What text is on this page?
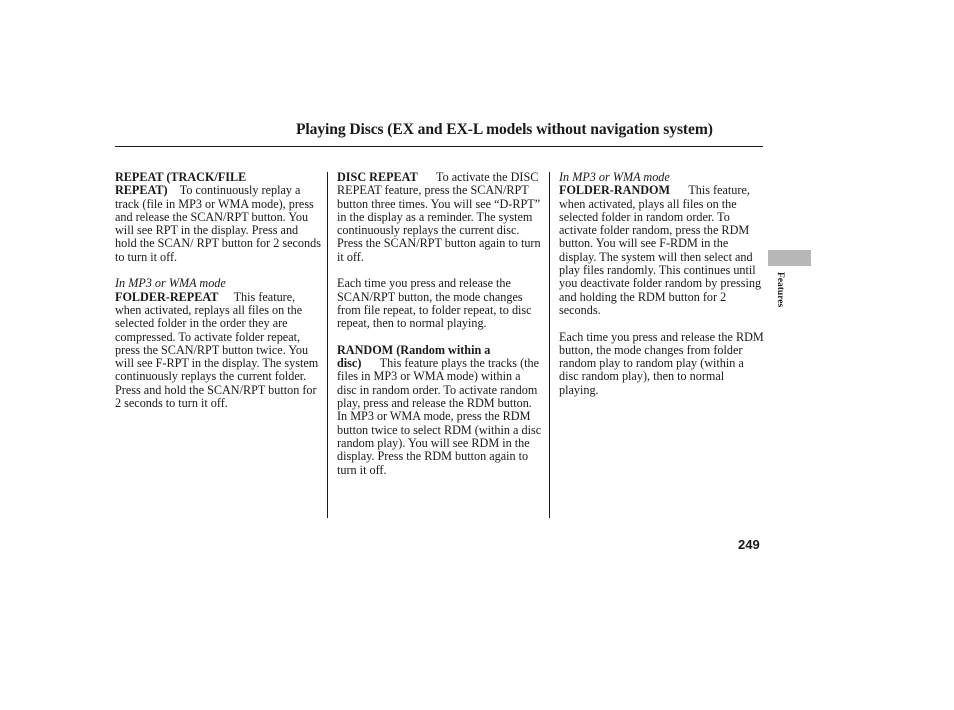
Playing Discs (EX and EX-L models without navigation system)

REPEAT (TRACK/FILE REPEAT) To continuously replay a track (file in MP3 or WMA mode), press and release the SCAN/RPT button. You will see RPT in the display. Press and hold the SCAN/ RPT button for 2 seconds to turn it off.

In MP3 or WMA mode

FOLDER-REPEAT This feature, when activated, replays all files on the selected folder in the order they are compressed. To activate folder repeat, press the SCAN/RPT button twice. You will see F-RPT in the display. The system continuously replays the current folder. Press and hold the SCAN/RPT button for 2 seconds to turn it off.

DISC REPEAT To activate the DISC REPEAT feature, press the SCAN/RPT button three times. You will see “D-RPT” in the display as a reminder. The system continuously replays the current disc. Press the SCAN/RPT button again to turn it off.

Each time you press and release the SCAN/RPT button, the mode changes from file repeat, to folder repeat, to disc repeat, then to normal playing.

RANDOM (Random within a disc) This feature plays the tracks (the files in MP3 or WMA mode) within a disc in random order. To activate random play, press and release the RDM button. In MP3 or WMA mode, press the RDM button twice to select RDM (within a disc random play). You will see RDM in the display. Press the RDM button again to turn it off.

In MP3 or WMA mode

FOLDER-RANDOM This feature, when activated, plays all files on the selected folder in random order. To activate folder random, press the RDM button. You will see F-RDM in the display. The system will then select and play files randomly. This continues until you deactivate folder random by pressing and holding the RDM button for 2 seconds.

Each time you press and release the RDM button, the mode changes from folder random play to random play (within a disc random play), then to normal playing.

Features
249
